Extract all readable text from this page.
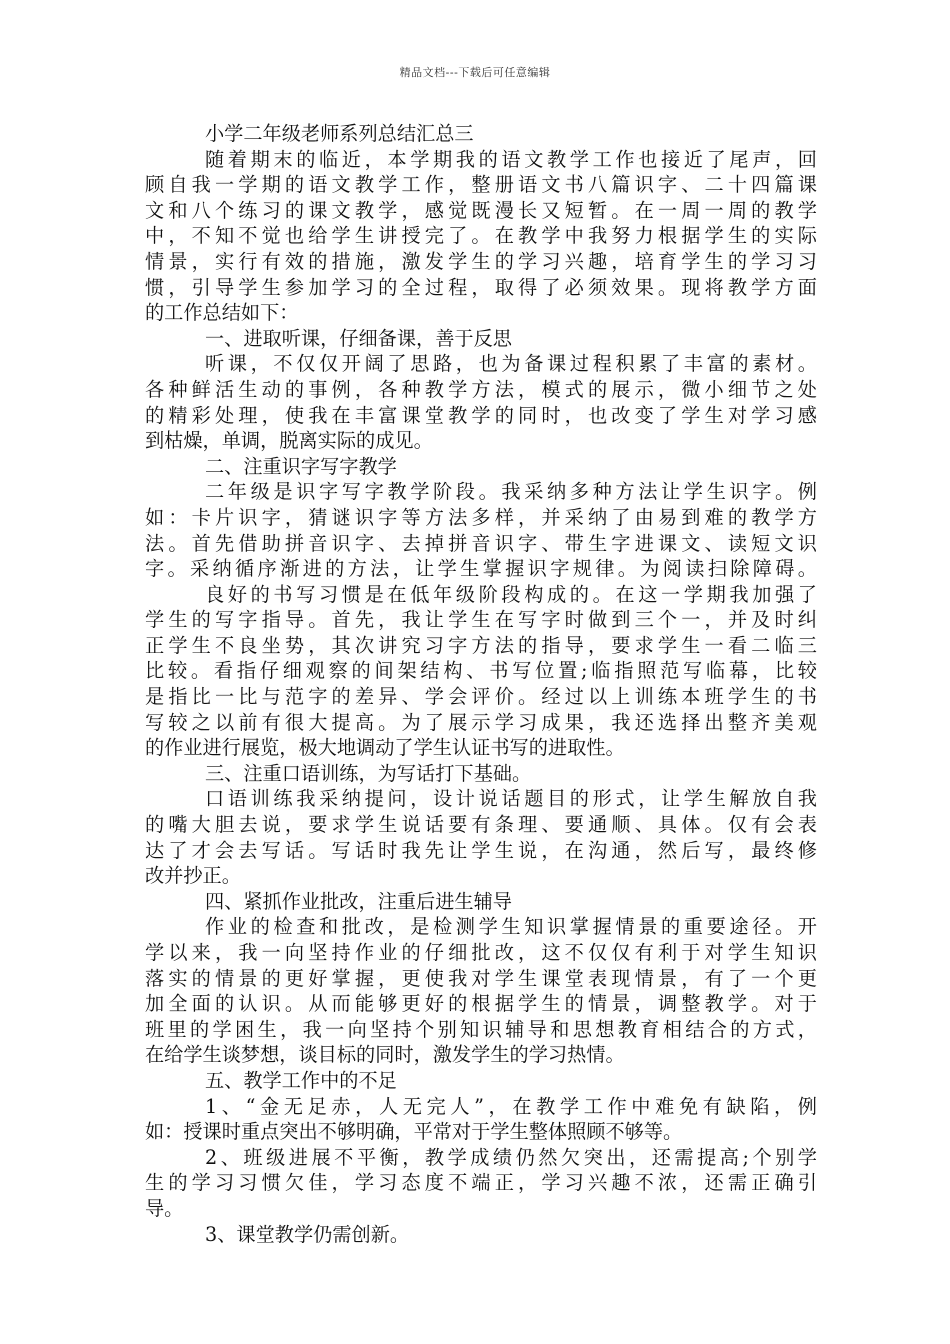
精品文档---下载后可任意编辑
小学二年级老师系列总结汇总三
随着期末的临近，本学期我的语文教学工作也接近了尾声，回
顾自我一学期的语文教学工作，整册语文书八篇识字、二十四篇课
文和八个练习的课文教学，感觉既漫长又短暂。在一周一周的教学
中，不知不觉也给学生讲授完了。在教学中我努力根据学生的实际
情景，实行有效的措施，激发学生的学习兴趣，培育学生的学习习
惯，引导学生参加学习的全过程，取得了必须效果。现将教学方面
的工作总结如下：
一、进取听课，仔细备课，善于反思
听课，不仅仅开阔了思路，也为备课过程积累了丰富的素材。
各种鲜活生动的事例，各种教学方法，模式的展示，微小细节之处
的精彩处理，使我在丰富课堂教学的同时，也改变了学生对学习感
到枯燥，单调，脱离实际的成见。
二、注重识字写字教学
二年级是识字写字教学阶段。我采纳多种方法让学生识字。例
如：卡片识字，猜谜识字等方法多样，并采纳了由易到难的教学方
法。首先借助拼音识字、去掉拼音识字、带生字进课文、读短文识
字。采纳循序渐进的方法，让学生掌握识字规律。为阅读扫除障碍。
良好的书写习惯是在低年级阶段构成的。在这一学期我加强了
学生的写字指导。首先，我让学生在写字时做到三个一，并及时纠
正学生不良坐势，其次讲究习字方法的指导，要求学生一看二临三
比较。看指仔细观察的间架结构、书写位置;临指照范写临幕，比较
是指比一比与范字的差异、学会评价。经过以上训练本班学生的书
写较之以前有很大提高。为了展示学习成果，我还选择出整齐美观
的作业进行展览，极大地调动了学生认证书写的进取性。
三、注重口语训练，为写话打下基础。
口语训练我采纳提问，设计说话题目的形式，让学生解放自我
的嘴大胆去说，要求学生说话要有条理、要通顺、具体。仅有会表
达了才会去写话。写话时我先让学生说，在沟通，然后写，最终修
改并抄正。
四、紧抓作业批改，注重后进生辅导
作业的检查和批改，是检测学生知识掌握情景的重要途径。开
学以来，我一向坚持作业的仔细批改，这不仅仅有利于对学生知识
落实的情景的更好掌握，更使我对学生课堂表现情景，有了一个更
加全面的认识。从而能够更好的根据学生的情景，调整教学。对于
班里的学困生，我一向坚持个别知识辅导和思想教育相结合的方式，
在给学生谈梦想，谈目标的同时，激发学生的学习热情。
五、教学工作中的不足
1、“金无足赤，人无完人”，在教学工作中难免有缺陷，例
如：授课时重点突出不够明确，平常对于学生整体照顾不够等。
2、班级进展不平衡，教学成绩仍然欠突出，还需提高;个别学
生的学习习惯欠佳，学习态度不端正，学习兴趣不浓，还需正确引
导。
3、课堂教学仍需创新。
